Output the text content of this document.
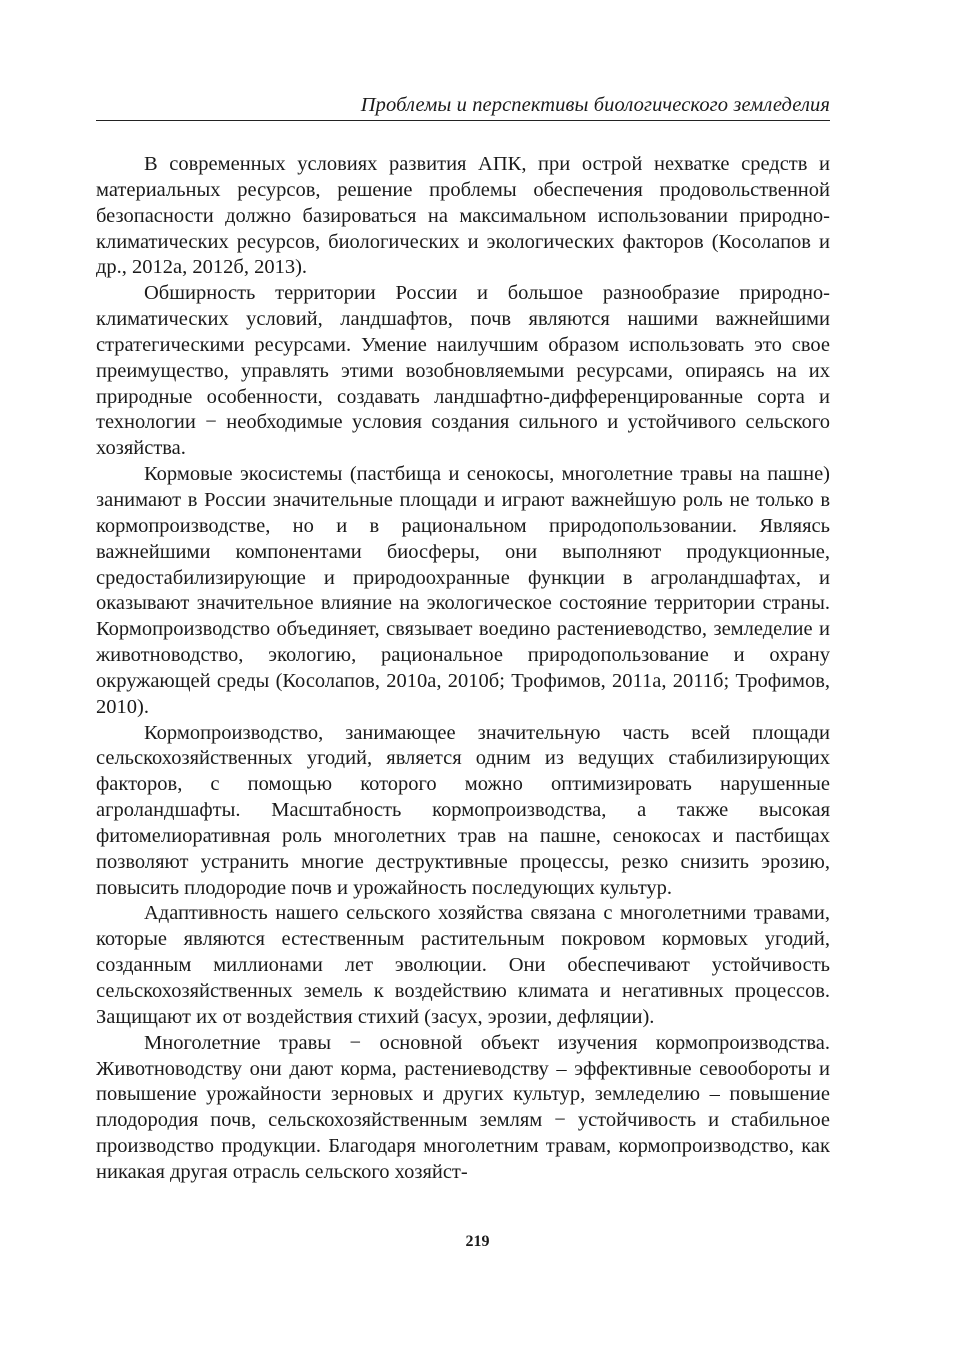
Проблемы и перспективы биологического земледелия

В современных условиях развития АПК, при острой нехватке средств и материальных ресурсов, решение проблемы обеспечения продовольственной безопасности должно базироваться на максимальном использовании природно-климатических ресурсов, биологических и экологических факторов (Косолапов и др., 2012а, 2012б, 2013).

Обширность территории России и большое разнообразие природно-климатических условий, ландшафтов, почв являются нашими важнейшими стратегическими ресурсами. Умение наилучшим образом использовать это свое преимущество, управлять этими возобновляемыми ресурсами, опираясь на их природные особенности, создавать ландшафтно-дифференцированные сорта и технологии − необходимые условия создания сильного и устойчивого сельского хозяйства.

Кормовые экосистемы (пастбища и сенокосы, многолетние травы на пашне) занимают в России значительные площади и играют важнейшую роль не только в кормопроизводстве, но и в рациональном природопользовании. Являясь важнейшими компонентами биосферы, они выполняют продукционные, средостабилизирующие и природоохранные функции в агроландшафтах, и оказывают значительное влияние на экологическое состояние территории страны. Кормопроизводство объединяет, связывает воедино растениеводство, земледелие и животноводство, экологию, рациональное природопользование и охрану окружающей среды (Косолапов, 2010а, 2010б; Трофимов, 2011а, 2011б; Трофимов, 2010).

Кормопроизводство, занимающее значительную часть всей площади сельскохозяйственных угодий, является одним из ведущих стабилизирующих факторов, с помощью которого можно оптимизировать нарушенные агроландшафты. Масштабность кормопроизводства, а также высокая фитомелиоративная роль многолетних трав на пашне, сенокосах и пастбищах позволяют устранить многие деструктивные процессы, резко снизить эрозию, повысить плодородие почв и урожайность последующих культур.

Адаптивность нашего сельского хозяйства связана с многолетними травами, которые являются естественным растительным покровом кормовых угодий, созданным миллионами лет эволюции. Они обеспечивают устойчивость сельскохозяйственных земель к воздействию климата и негативных процессов. Защищают их от воздействия стихий (засух, эрозии, дефляции).

Многолетние травы − основной объект изучения кормопроизводства. Животноводству они дают корма, растениеводству – эффективные севообороты и повышение урожайности зерновых и других культур, земледелию – повышение плодородия почв, сельскохозяйственным землям − устойчивость и стабильное производство продукции. Благодаря многолетним травам, кормопроизводство, как никакая другая отрасль сельского хозяйст-

219
